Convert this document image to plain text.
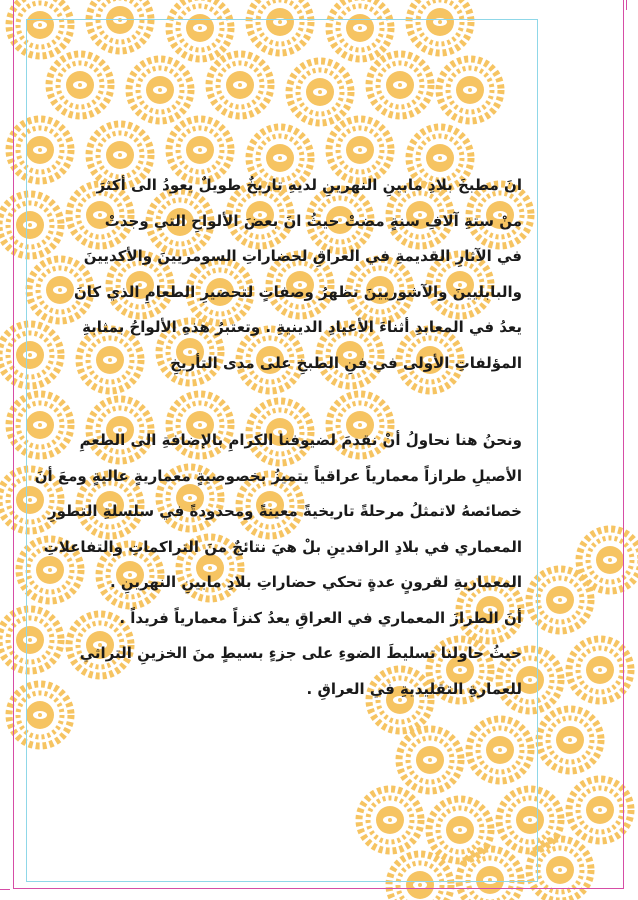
انَ مطبخَ بلادِ مابينِ النهرينِ لديهِ تاريخٌ طويلٌ يعودُ الى أكثرَ
منْ ستةِ آلافِ سنةٍ مضتْ حيثُ انَ بعضَ الألواحِ التي وجدتْ
في الآثارِ القديمةِ في العراقِ لحضاراتِ السومريينَ والأكديينَ
والبابليينَ والآشوريينَ تظهرُ وصفاتٍ لتحضيرِ الطعامِ الذي كانَ
يعدُ في المعابدِ أثناءَ الأعيادِ الدينيةِ . وتعتبرُ هذهِ الألواحُ بمثابةِ
المؤلفاتِ الأولى في فنِ الطبخِ على مدى التأريخِ
ونحنُ هنا نحاولُ أنْ نقدمَ لضيوفنا الكرامِ بالإضافةِ الى الطعمِ
الأصيلِ طرازاً معمارياً عراقياً يتميزُ بخصوصيةٍ معماريةٍ عاليةٍ ومعَ أنَ
خصائصهُ لاتمثلُ مرحلةً تاريخيةً معينةً ومحدودةً في سلسلةِ التطورِ
المعماري في بلادِ الرافدينِ بلْ هيَ نتائجٌ منَ التراكماتِ والتفاعلاتِ
المعماريةِ لقرونٍ عدةٍ تحكي حضاراتِ بلادِ مابينِ النهرينِ .
أنَ الطرازَ المعماري في العراقِ يعدُ كنزاً معمارياً فريداً .
حيثُ حاولنا تسليطَ الضوءِ على جزءٍ بسيطٍ منَ الخزينِ التراثي
للعمارةِ التقليديةِ في العراقِ .
